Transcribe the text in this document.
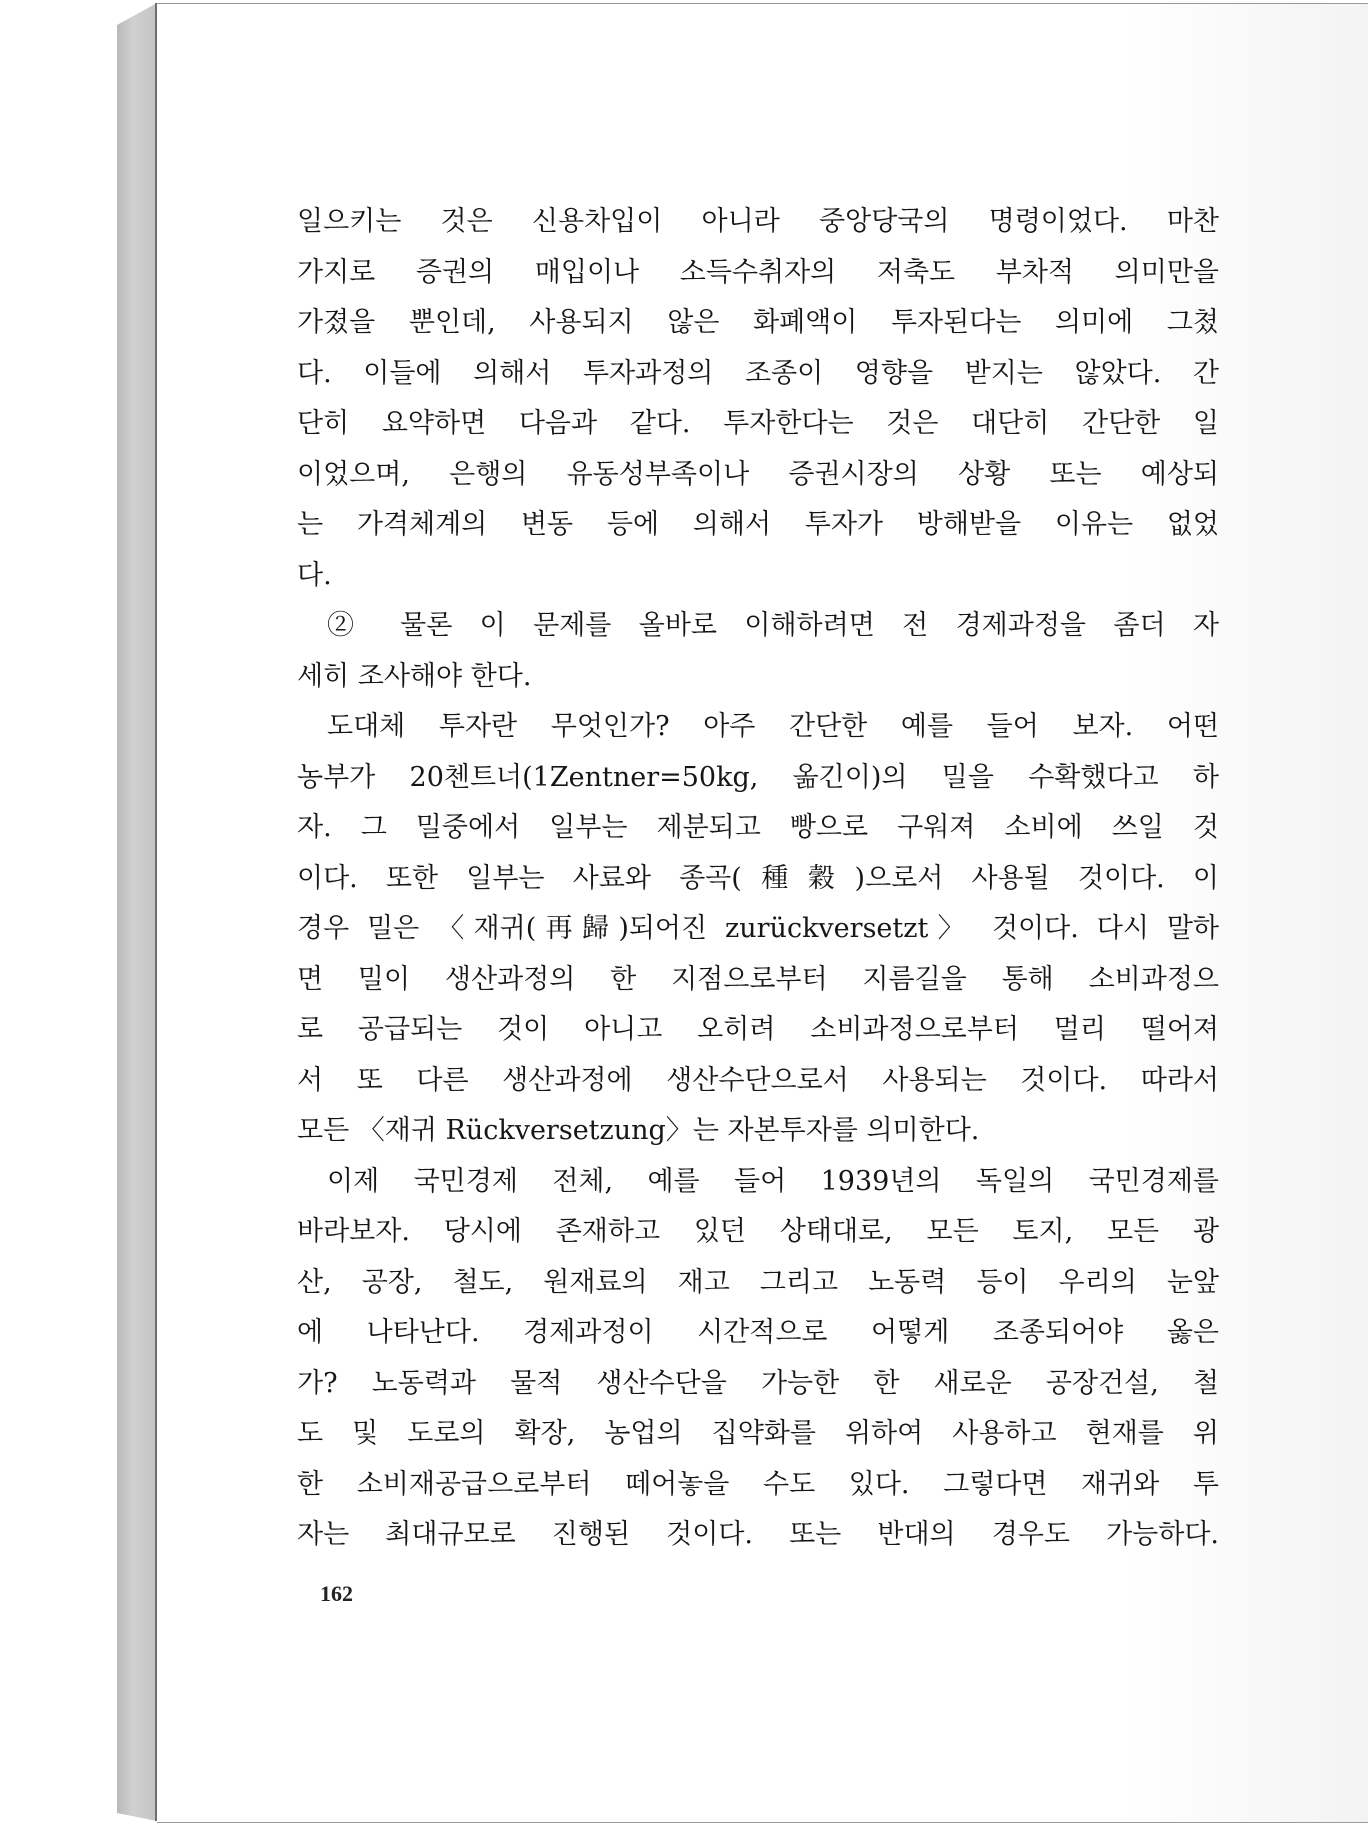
일으키는 것은 신용차입이 아니라 중앙당국의 명령이었다. 마찬
가지로 증권의 매입이나 소득수취자의 저축도 부차적 의미만을
가졌을 뿐인데, 사용되지 않은 화폐액이 투자된다는 의미에 그쳤
다. 이들에 의해서 투자과정의 조종이 영향을 받지는 않았다. 간
단히 요약하면 다음과 같다. 투자한다는 것은 대단히 간단한 일
이었으며, 은행의 유동성부족이나 증권시장의 상황 또는 예상되
는 가격체계의 변동 등에 의해서 투자가 방해받을 이유는 없었
다.
② 물론 이 문제를 올바로 이해하려면 전 경제과정을 좀더 자
세히 조사해야 한다.
도대체 투자란 무엇인가? 아주 간단한 예를 들어 보자. 어떤
농부가 20첸트너(1Zentner=50kg, 옮긴이)의 밀을 수확했다고 하
자. 그 밀중에서 일부는 제분되고 빵으로 구워져 소비에 쓰일 것
이다. 또한 일부는 사료와 종곡(種穀)으로서 사용될 것이다. 이
경우 밀은 〈재귀(再歸)되어진 zurückversetzt〉 것이다. 다시 말하
면 밀이 생산과정의 한 지점으로부터 지름길을 통해 소비과정으
로 공급되는 것이 아니고 오히려 소비과정으로부터 멀리 떨어져
서 또 다른 생산과정에 생산수단으로서 사용되는 것이다. 따라서
모든 〈재귀 Rückversetzung〉는 자본투자를 의미한다.
이제 국민경제 전체, 예를 들어 1939년의 독일의 국민경제를
바라보자. 당시에 존재하고 있던 상태대로, 모든 토지, 모든 광
산, 공장, 철도, 원재료의 재고 그리고 노동력 등이 우리의 눈앞
에 나타난다. 경제과정이 시간적으로 어떻게 조종되어야 옳은
가? 노동력과 물적 생산수단을 가능한 한 새로운 공장건설, 철
도 및 도로의 확장, 농업의 집약화를 위하여 사용하고 현재를 위
한 소비재공급으로부터 떼어놓을 수도 있다. 그렇다면 재귀와 투
자는 최대규모로 진행된 것이다. 또는 반대의 경우도 가능하다.
162
